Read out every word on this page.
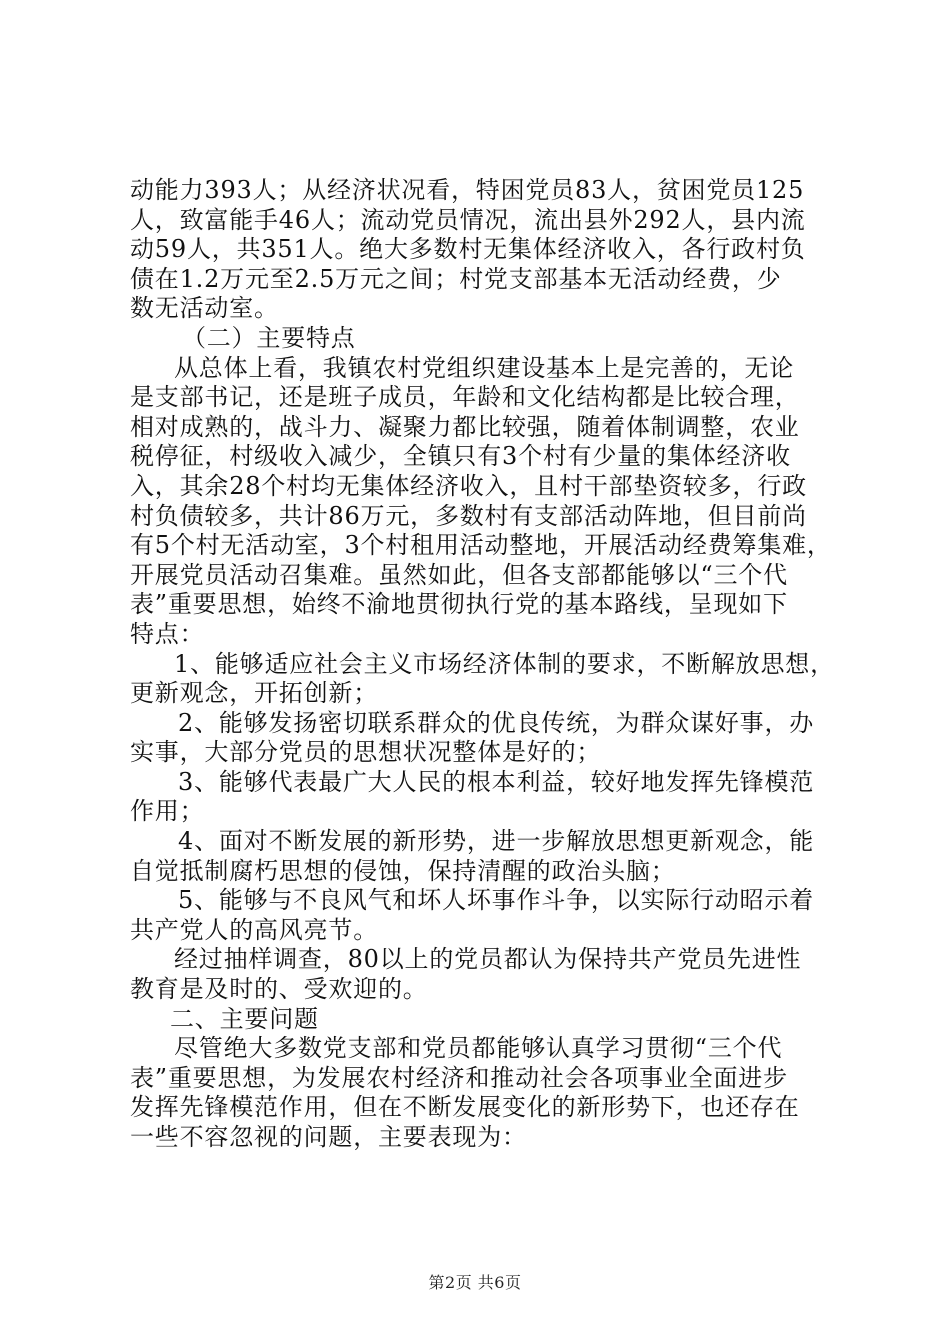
动能力393人；从经济状况看，特困党员83人，贫困党员125
人，致富能手46人；流动党员情况，流出县外292人，县内流
动59人，共351人。绝大多数村无集体经济收入，各行政村负
债在1.2万元至2.5万元之间；村党支部基本无活动经费，少
数无活动室。
（二）主要特点
从总体上看，我镇农村党组织建设基本上是完善的，无论
是支部书记，还是班子成员，年龄和文化结构都是比较合理，
相对成熟的，战斗力、凝聚力都比较强，随着体制调整，农业
税停征，村级收入减少，全镇只有3个村有少量的集体经济收
入，其余28个村均无集体经济收入，且村干部垫资较多，行政
村负债较多，共计86万元，多数村有支部活动阵地，但目前尚
有5个村无活动室，3个村租用活动整地，开展活动经费筹集难，
开展党员活动召集难。虽然如此，但各支部都能够以“三个代
表”重要思想，始终不渝地贯彻执行党的基本路线，呈现如下
特点：
1、能够适应社会主义市场经济体制的要求，不断解放思想，
更新观念，开拓创新；
2、能够发扬密切联系群众的优良传统，为群众谋好事，办
实事，大部分党员的思想状况整体是好的；
3、能够代表最广大人民的根本利益，较好地发挥先锋模范
作用；
4、面对不断发展的新形势，进一步解放思想更新观念，能
自觉抵制腐朽思想的侵蚀，保持清醒的政治头脑；
5、能够与不良风气和坏人坏事作斗争，以实际行动昭示着
共产党人的高风亮节。
经过抽样调查，80以上的党员都认为保持共产党员先进性
教育是及时的、受欢迎的。
二、主要问题
尽管绝大多数党支部和党员都能够认真学习贯彻“三个代
表”重要思想，为发展农村经济和推动社会各项事业全面进步
发挥先锋模范作用，但在不断发展变化的新形势下，也还存在
一些不容忽视的问题，主要表现为：
第2页 共6页
